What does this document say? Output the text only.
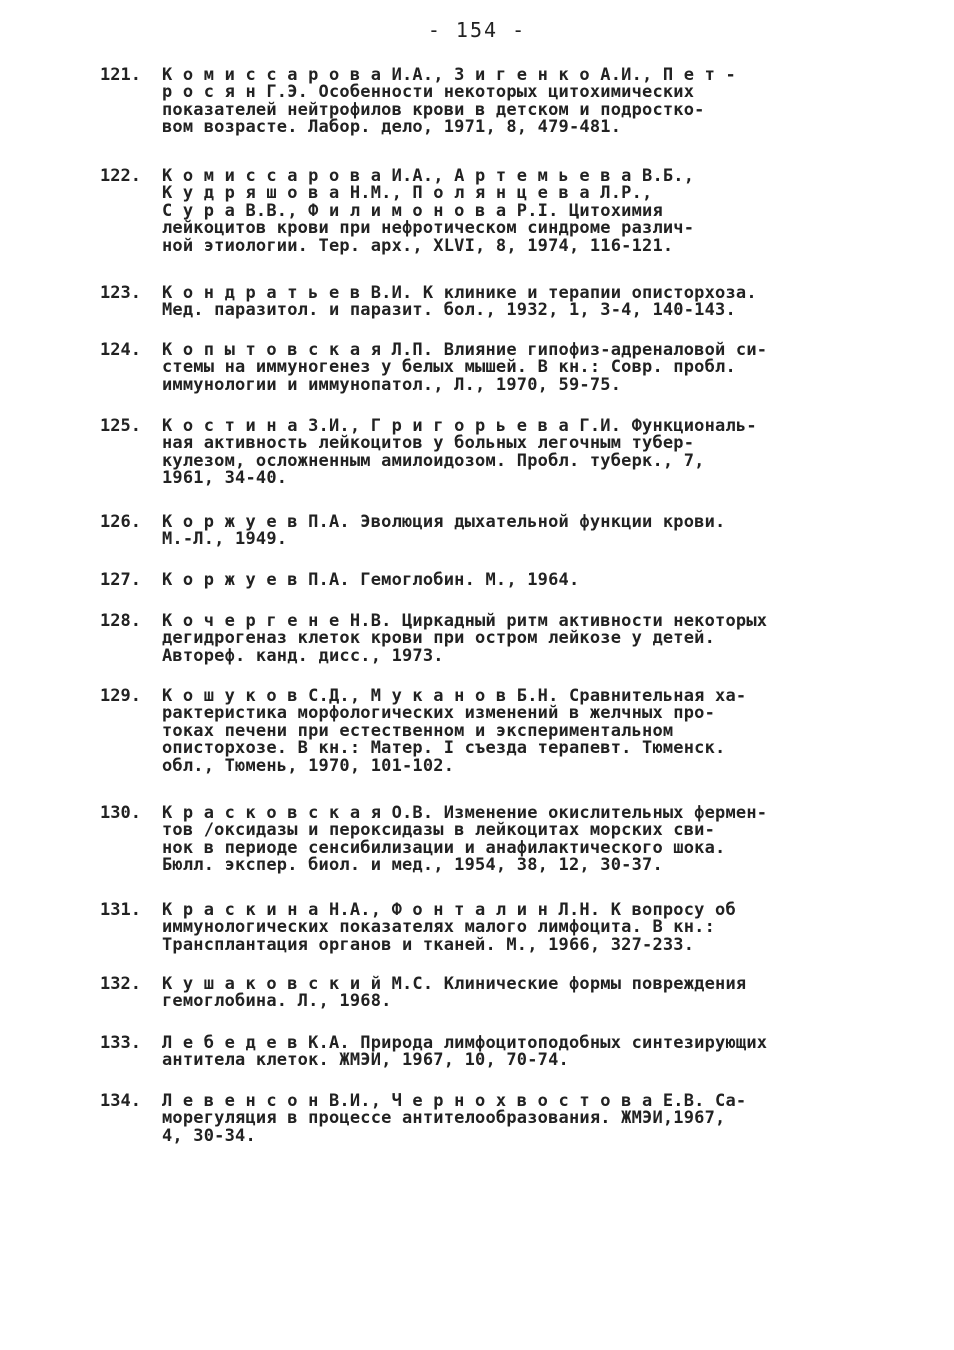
- 154 -
121.	К о м и с с а р о в а И.А., З и г е н к о А.И., П е т -
р о с я н Г.Э. Особенности некоторых цитохимических
показателей нейтрофилов крови в детском и подростко-
вом возрасте. Лабор. дело, 1971, 8, 479-481.
122.	К о м и с с а р о в а И.А., А р т е м ь е в а В.Б.,
К у д р я ш о в а Н.М., П о л я н ц е в а Л.Р.,
С у р а В.В., Ф и л и м о н о в а Р.I. Цитохимия
лейкоцитов крови при нефротическом синдроме различ-
ной этиологии. Тер. арх., XLVI, 8, 1974, 116-121.
123.	К о н д р а т ь е в В.И. К клинике и терапии описторхоза.
Мед. паразитол. и паразит. бол., 1932, 1, 3-4, 140-143.
124.	К о п ы т о в с к а я Л.П. Влияние гипофиз-адреналовой си-
стемы на иммуногенез у белых мышей. В кн.: Совр. пробл.
иммунологии и иммунопатол., Л., 1970, 59-75.
125.	К о с т и н а З.И., Г р и г о р ь е в а Г.И. Функциональ-
ная активность лейкоцитов у больных легочным тубер-
кулезом, осложненным амилоидозом. Пробл. туберк., 7,
1961, 34-40.
126.	К о р ж у е в П.А. Эволюция дыхательной функции крови.
М.-Л., 1949.
127.	К о р ж у е в П.А. Гемоглобин. М., 1964.
128.	К о ч е р г е н е Н.В. Циркадный ритм активности некоторых
дегидрогеназ клеток крови при остром лейкозе у детей.
Автореф. канд. дисс., 1973.
129.	К о ш у к о в С.Д., М у к а н о в Б.Н. Сравнительная ха-
рактеристика морфологических изменений в желчных про-
токах печени при естественном и экспериментальном
описторхозе. В кн.: Матер. I съезда терапевт. Тюменск.
обл., Тюмень, 1970, 101-102.
130.	К р а с к о в с к а я О.В. Изменение окислительных фермен-
тов /оксидазы и пероксидазы в лейкоцитах морских сви-
нок в периоде сенсибилизации и анафилактического шока.
Бюлл. экспер. биол. и мед., 1954, 38, 12, 30-37.
131.	К р а с к и н а Н.А., Ф о н т а л и н Л.Н. К вопросу об
иммунологических показателях малого лимфоцита. В кн.:
Трансплантация органов и тканей. М., 1966, 327-233.
132.	К у ш а к о в с к и й М.С. Клинические формы повреждения
гемоглобина. Л., 1968.
133.	Л е б е д е в К.А. Природа лимфоцитоподобных синтезирующих
антитела клеток. ЖМЭИ, 1967, 10, 70-74.
134.	Л е в е н с о н В.И., Ч е р н о х в о с т о в а Е.В. Са-
морегуляция в процессе антителообразования. ЖМЭИ,1967,
4, 30-34.
